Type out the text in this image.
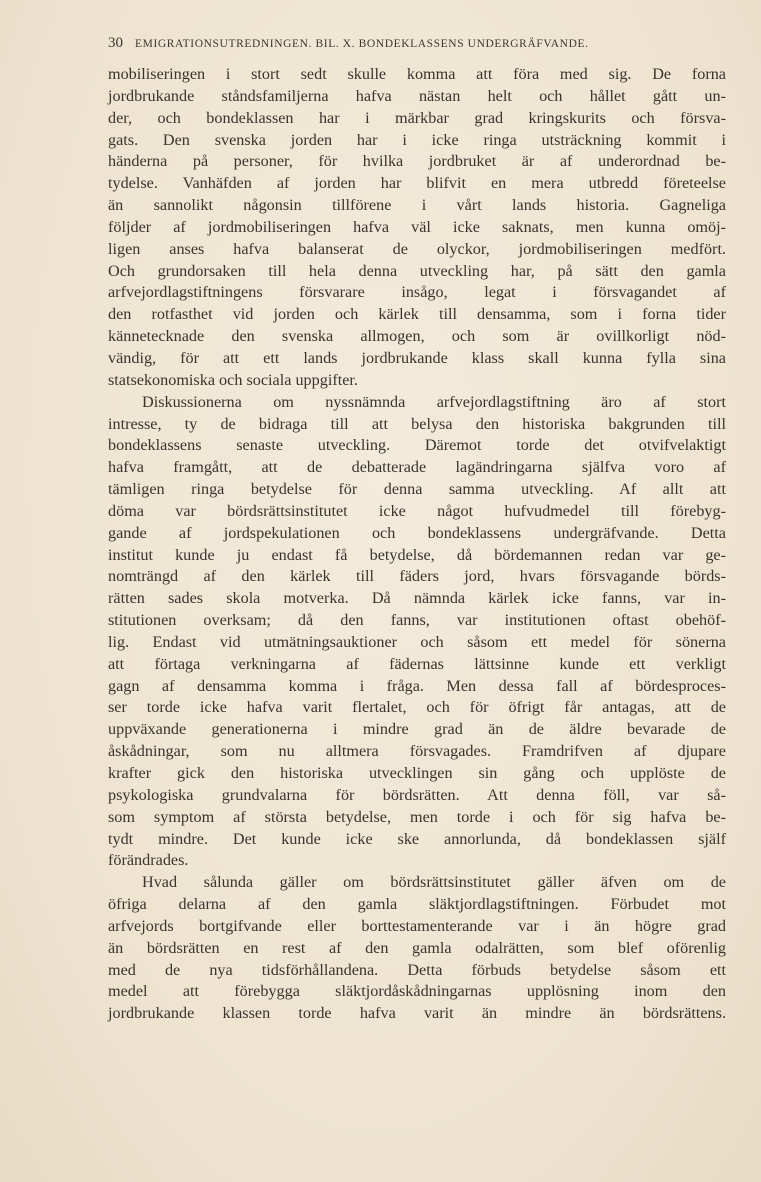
30 EMIGRATIONSUTREDNINGEN. BIL. X. BONDEKLASSENS UNDERGRÄFVANDE.
mobiliseringen i stort sedt skulle komma att föra med sig. De forna
jordbrukande ståndsfamiljerna hafva nästan helt och hållet gått un-
der, och bondeklassen har i märkbar grad kringskurits och försva-
gats. Den svenska jorden har i icke ringa utsträckning kommit i
händerna på personer, för hvilka jordbruket är af underordnad be-
tydelse. Vanhäfden af jorden har blifvit en mera utbredd företeelse
än sannolikt någonsin tillförene i vårt lands historia. Gagneliga
följder af jordmobiliseringen hafva väl icke saknats, men kunna omöj-
ligen anses hafva balanserat de olyckor, jordmobiliseringen medfört.
Och grundorsaken till hela denna utveckling har, på sätt den gamla
arfvejordlagstiftningens försvarare insågo, legat i försvagandet af
den rotfasthet vid jorden och kärlek till densamma, som i forna tider
kännetecknade den svenska allmogen, och som är ovillkorligt nöd-
vändig, för att ett lands jordbrukande klass skall kunna fylla sina
statsekonomiska och sociala uppgifter.
Diskussionerna om nyssnämnda arfvejordlagstiftning äro af stort
intresse, ty de bidraga till att belysa den historiska bakgrunden till
bondeklassens senaste utveckling. Däremot torde det otvifvelaktigt
hafva framgått, att de debatterade lagändringarna själfva voro af
tämligen ringa betydelse för denna samma utveckling. Af allt att
döma var bördsrättsinstitutet icke något hufvudmedel till förebyg-
gande af jordspekulationen och bondeklassens undergräfvande. Detta
institut kunde ju endast få betydelse, då bördemannen redan var ge-
nomträngd af den kärlek till fäders jord, hvars försvagande börds-
rätten sades skola motverka. Då nämnda kärlek icke fanns, var in-
stitutionen overksam; då den fanns, var institutionen oftast obehöf-
lig. Endast vid utmätningsauktioner och såsom ett medel för sönerna
att förtaga verkningarna af fädernas lättsinne kunde ett verkligt
gagn af densamma komma i fråga. Men dessa fall af bördesproces-
ser torde icke hafva varit flertalet, och för öfrigt får antagas, att de
uppväxande generationerna i mindre grad än de äldre bevarade de
åskådningar, som nu alltmera försvagades. Framdrifven af djupare
krafter gick den historiska utvecklingen sin gång och upplöste de
psykologiska grundvalarna för bördsrätten. Att denna föll, var så-
som symptom af största betydelse, men torde i och för sig hafva be-
tydt mindre. Det kunde icke ske annorlunda, då bondeklassen själf
förändrades.
Hvad sålunda gäller om bördsrättsinstitutet gäller äfven om de
öfriga delarna af den gamla släktjordlagstiftningen. Förbudet mot
arfvejords bortgifvande eller borttestamenterande var i än högre grad
än bördsrätten en rest af den gamla odalrätten, som blef oförenlig
med de nya tidsförhållandena. Detta förbuds betydelse såsom ett
medel att förebygga släktjordåskådningarnas upplösning inom den
jordbrukande klassen torde hafva varit än mindre än bördsrättens.
